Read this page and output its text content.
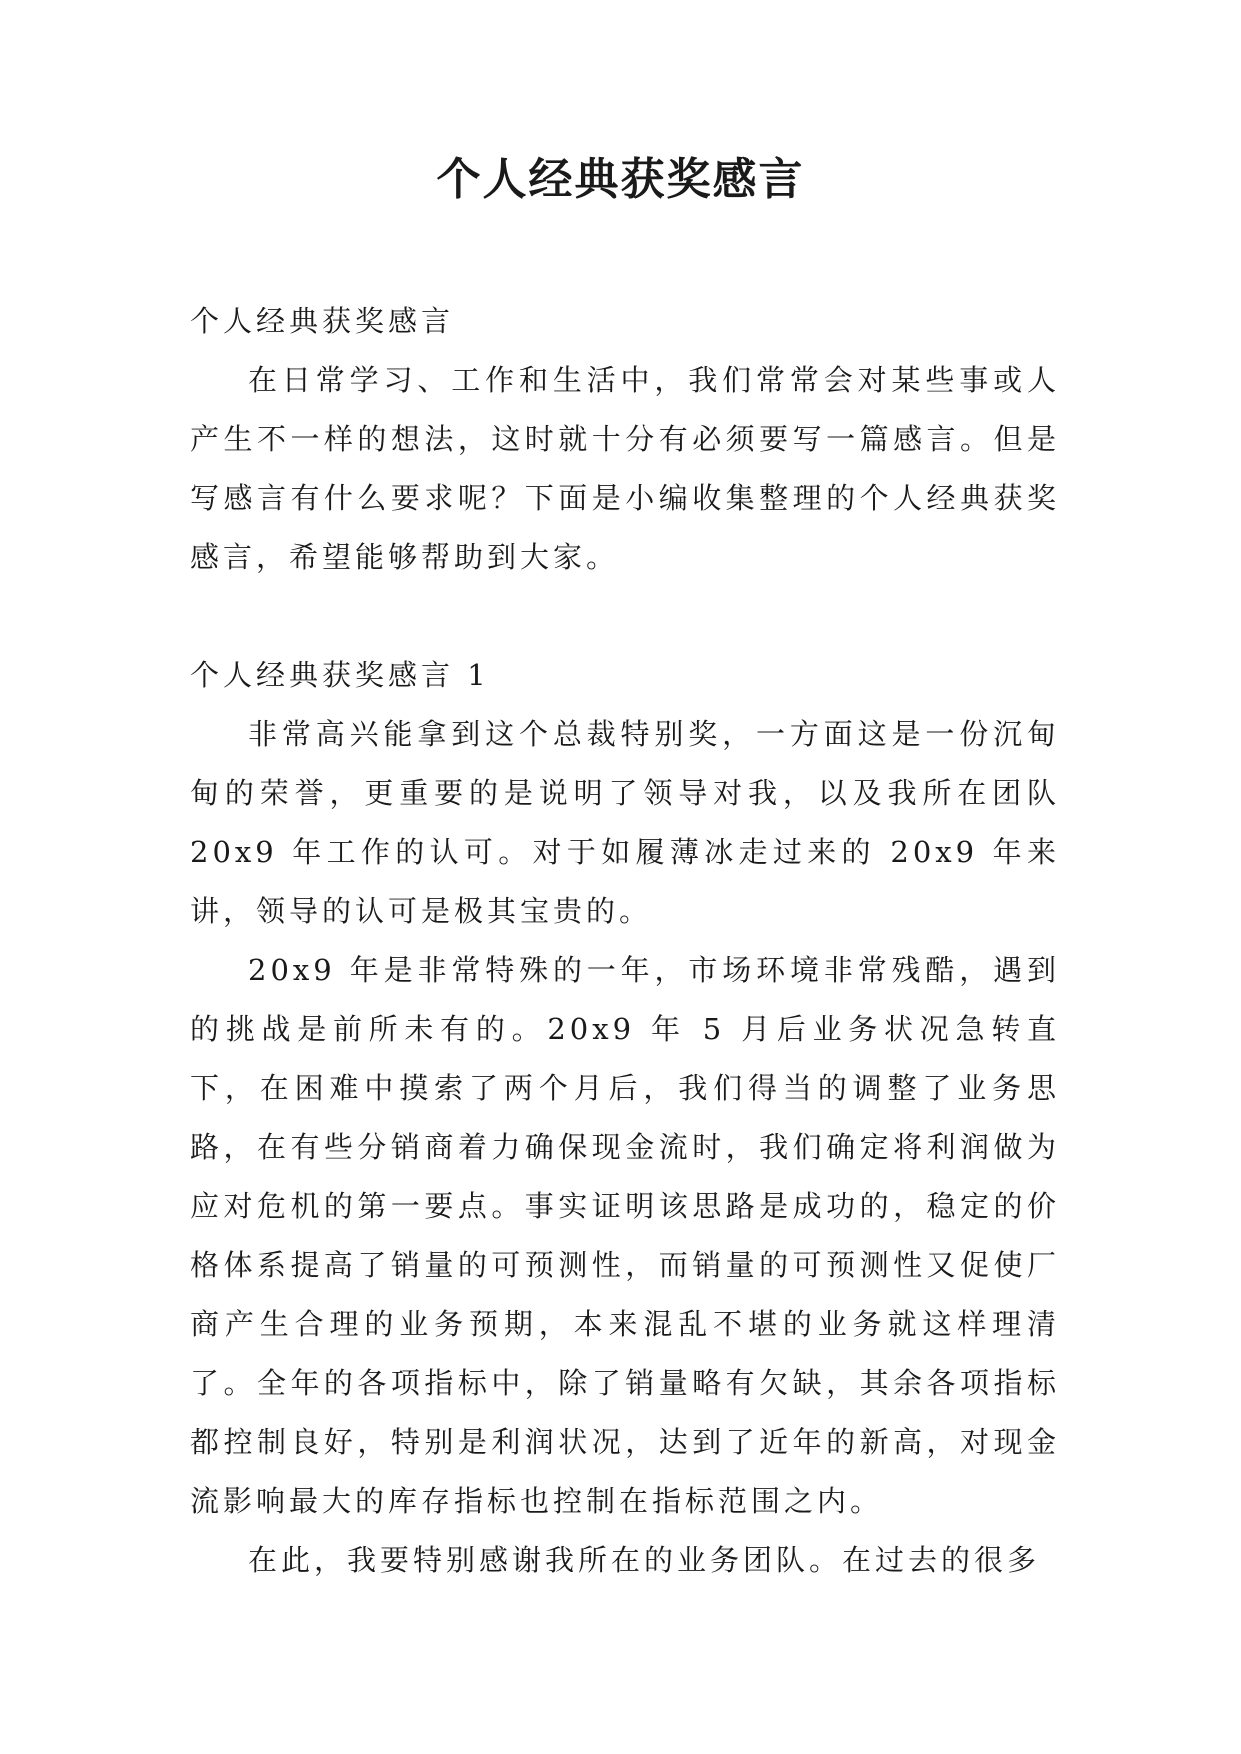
个人经典获奖感言

个人经典获奖感言

在日常学习、工作和生活中，我们常常会对某些事或人产生不一样的想法，这时就十分有必须要写一篇感言。但是写感言有什么要求呢？下面是小编收集整理的个人经典获奖感言，希望能够帮助到大家。

个人经典获奖感言 1

非常高兴能拿到这个总裁特别奖，一方面这是一份沉甸甸的荣誉，更重要的是说明了领导对我，以及我所在团队20x9 年工作的认可。对于如履薄冰走过来的 20x9 年来讲，领导的认可是极其宝贵的。

20x9 年是非常特殊的一年，市场环境非常残酷，遇到的挑战是前所未有的。20x9 年 5 月后业务状况急转直下，在困难中摸索了两个月后，我们得当的调整了业务思路，在有些分销商着力确保现金流时，我们确定将利润做为应对危机的第一要点。事实证明该思路是成功的，稳定的价格体系提高了销量的可预测性，而销量的可预测性又促使厂商产生合理的业务预期，本来混乱不堪的业务就这样理清了。全年的各项指标中，除了销量略有欠缺，其余各项指标都控制良好，特别是利润状况，达到了近年的新高，对现金流影响最大的库存指标也控制在指标范围之内。

在此，我要特别感谢我所在的业务团队。在过去的很多
